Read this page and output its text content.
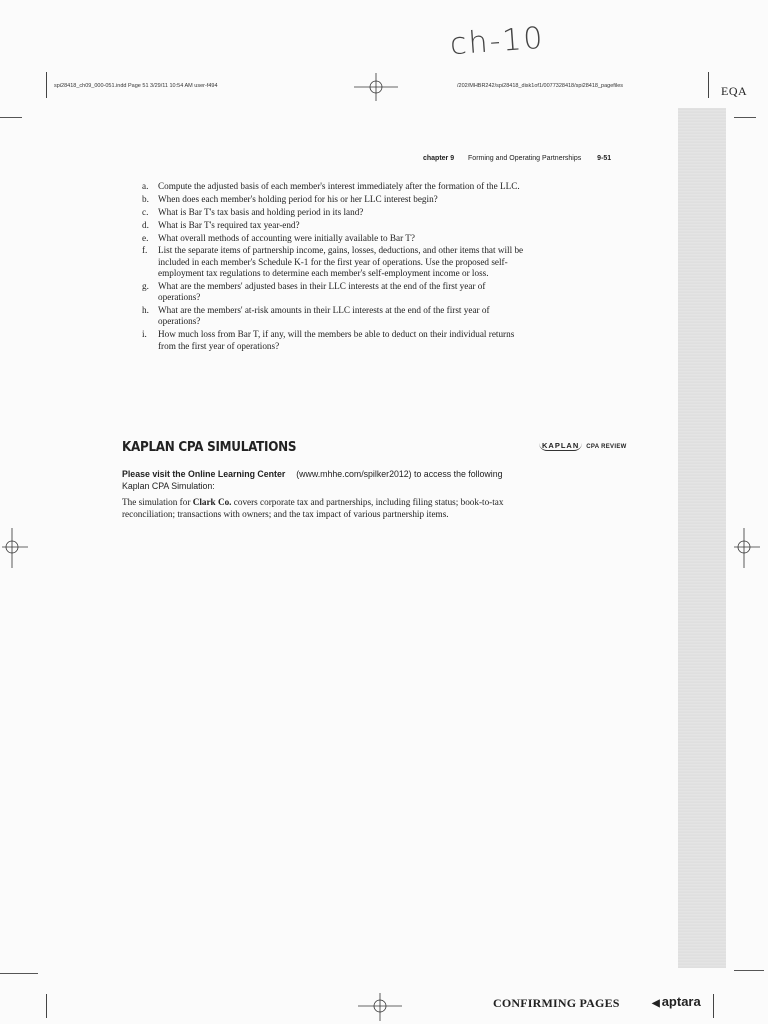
spi28418_ch09_000-051.indd Page 51 3/29/11 10:54 AM user-f494	/202/MHBR242/spi28418_disk1of1/0077328418/spi28418_pagefiles
ch-10
EQA
chapter 9 Forming and Operating Partnerships 9-51
a. Compute the adjusted basis of each member's interest immediately after the formation of the LLC.
b. When does each member's holding period for his or her LLC interest begin?
c. What is Bar T's tax basis and holding period in its land?
d. What is Bar T's required tax year-end?
e. What overall methods of accounting were initially available to Bar T?
f. List the separate items of partnership income, gains, losses, deductions, and other items that will be included in each member's Schedule K-1 for the first year of operations. Use the proposed self-employment tax regulations to determine each member's self-employment income or loss.
g. What are the members' adjusted bases in their LLC interests at the end of the first year of operations?
h. What are the members' at-risk amounts in their LLC interests at the end of the first year of operations?
i. How much loss from Bar T, if any, will the members be able to deduct on their individual returns from the first year of operations?
KAPLAN CPA SIMULATIONS	KAPLAN CPA REVIEW
Please visit the Online Learning Center (www.mhhe.com/spilker2012) to access the following Kaplan CPA Simulation:
The simulation for Clark Co. covers corporate tax and partnerships, including filing status; book-to-tax reconciliation; transactions with owners; and the tax impact of various partnership items.
CONFIRMING PAGES	◀ aptara
